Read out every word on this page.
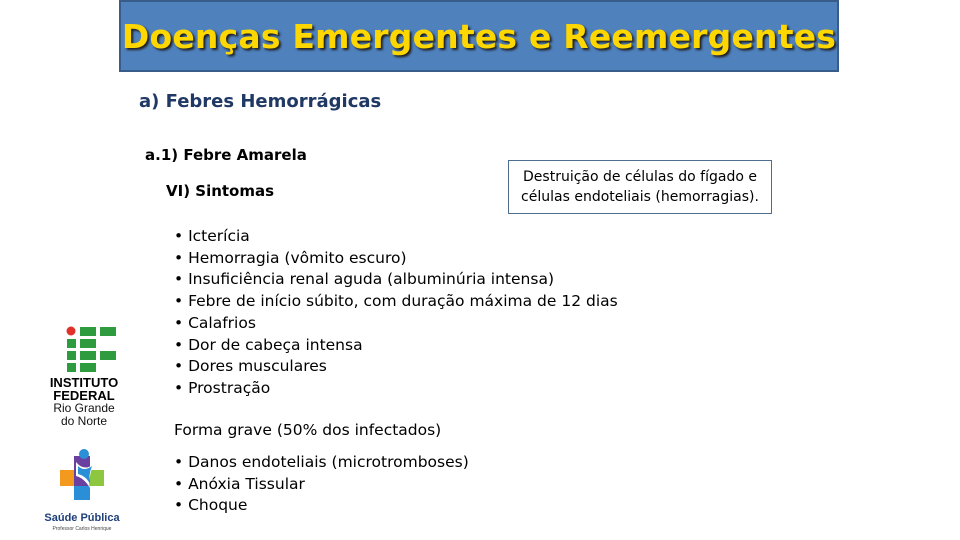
Doenças Emergentes e Reemergentes
a) Febres Hemorrágicas
a.1) Febre Amarela
VI) Sintomas
Destruição de células do fígado e
células endoteliais (hemorragias).
• Icterícia
• Hemorragia (vômito escuro)
• Insuficiência renal aguda (albuminúria intensa)
• Febre de início súbito, com duração máxima de 12 dias
• Calafrios
• Dor de cabeça intensa
• Dores musculares
• Prostração
Forma grave (50% dos infectados)
• Danos endoteliais (microtromboses)
• Anóxia Tissular
• Choque
INSTITUTO
FEDERAL
Rio Grande
do Norte
Saúde Pública
Professor Carlos Henrique
